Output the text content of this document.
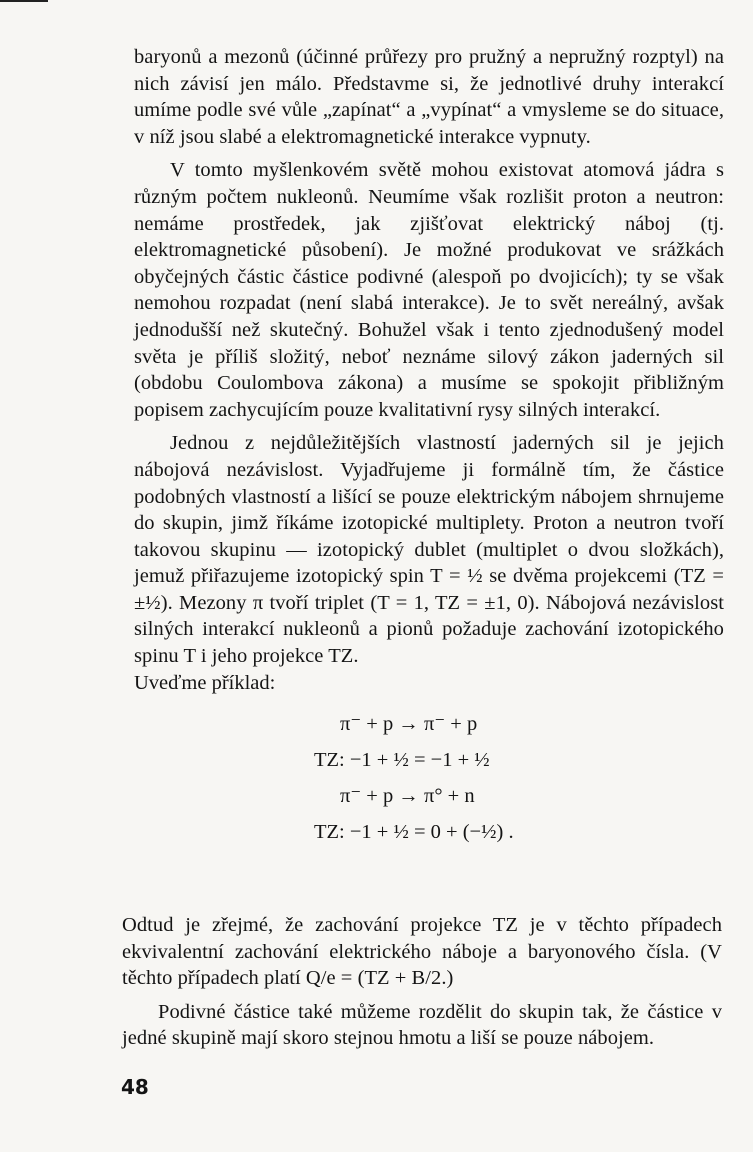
baryonů a mezonů (účinné průřezy pro pružný a nepružný rozptyl) na nich závisí jen málo. Představme si, že jednotlivé druhy interakcí umíme podle své vůle „zapínat“ a „vypínat“ a vmysleme se do situace, v níž jsou slabé a elektromagnetické interakce vypnuty.

V tomto myšlenkovém světě mohou existovat atomová jádra s různým počtem nukleonů. Neumíme však rozlišit proton a neutron: nemáme prostředek, jak zjišťovat elektrický náboj (tj. elektromagnetické působení). Je možné produkovat ve srážkách obyčejných částic částice podivné (alespoň po dvojicích); ty se však nemohou rozpadat (není slabá interakce). Je to svět nereálný, avšak jednodušší než skutečný. Bohužel však i tento zjednodušený model světa je příliš složitý, neboť neznáme silový zákon jaderných sil (obdobu Coulombova zákona) a musíme se spokojit přibližným popisem zachycujícím pouze kvalitativní rysy silných interakcí.

Jednou z nejdůležitějších vlastností jaderných sil je jejich nábojová nezávislost. Vyjadřujeme ji formálně tím, že částice podobných vlastností a lišící se pouze elektrickým nábojem shrnujeme do skupin, jimž říkáme izotopické multiplety. Proton a neutron tvoří takovou skupinu — izotopický dublet (multiplet o dvou složkách), jemuž přiřazujeme izotopický spin T = ½ se dvěma projekcemi (TZ = ±½). Mezony π tvoří triplet (T = 1, TZ = ±1, 0). Nábojová nezávislost silných interakcí nukleonů a pionů požaduje zachování izotopického spinu T i jeho projekce TZ.

Uveďme příklad:

π⁻ + p → π⁻ + p
TZ: −1 + ½ = −1 + ½
π⁻ + p → π° + n
TZ: −1 + ½ = 0 + (−½) .

Odtud je zřejmé, že zachování projekce TZ je v těchto případech ekvivalentní zachování elektrického náboje a baryonového čísla. (V těchto případech platí Q/e = (TZ + B/2.)

Podivné částice také můžeme rozdělit do skupin tak, že částice v jedné skupině mají skoro stejnou hmotu a liší se pouze nábojem.

48
